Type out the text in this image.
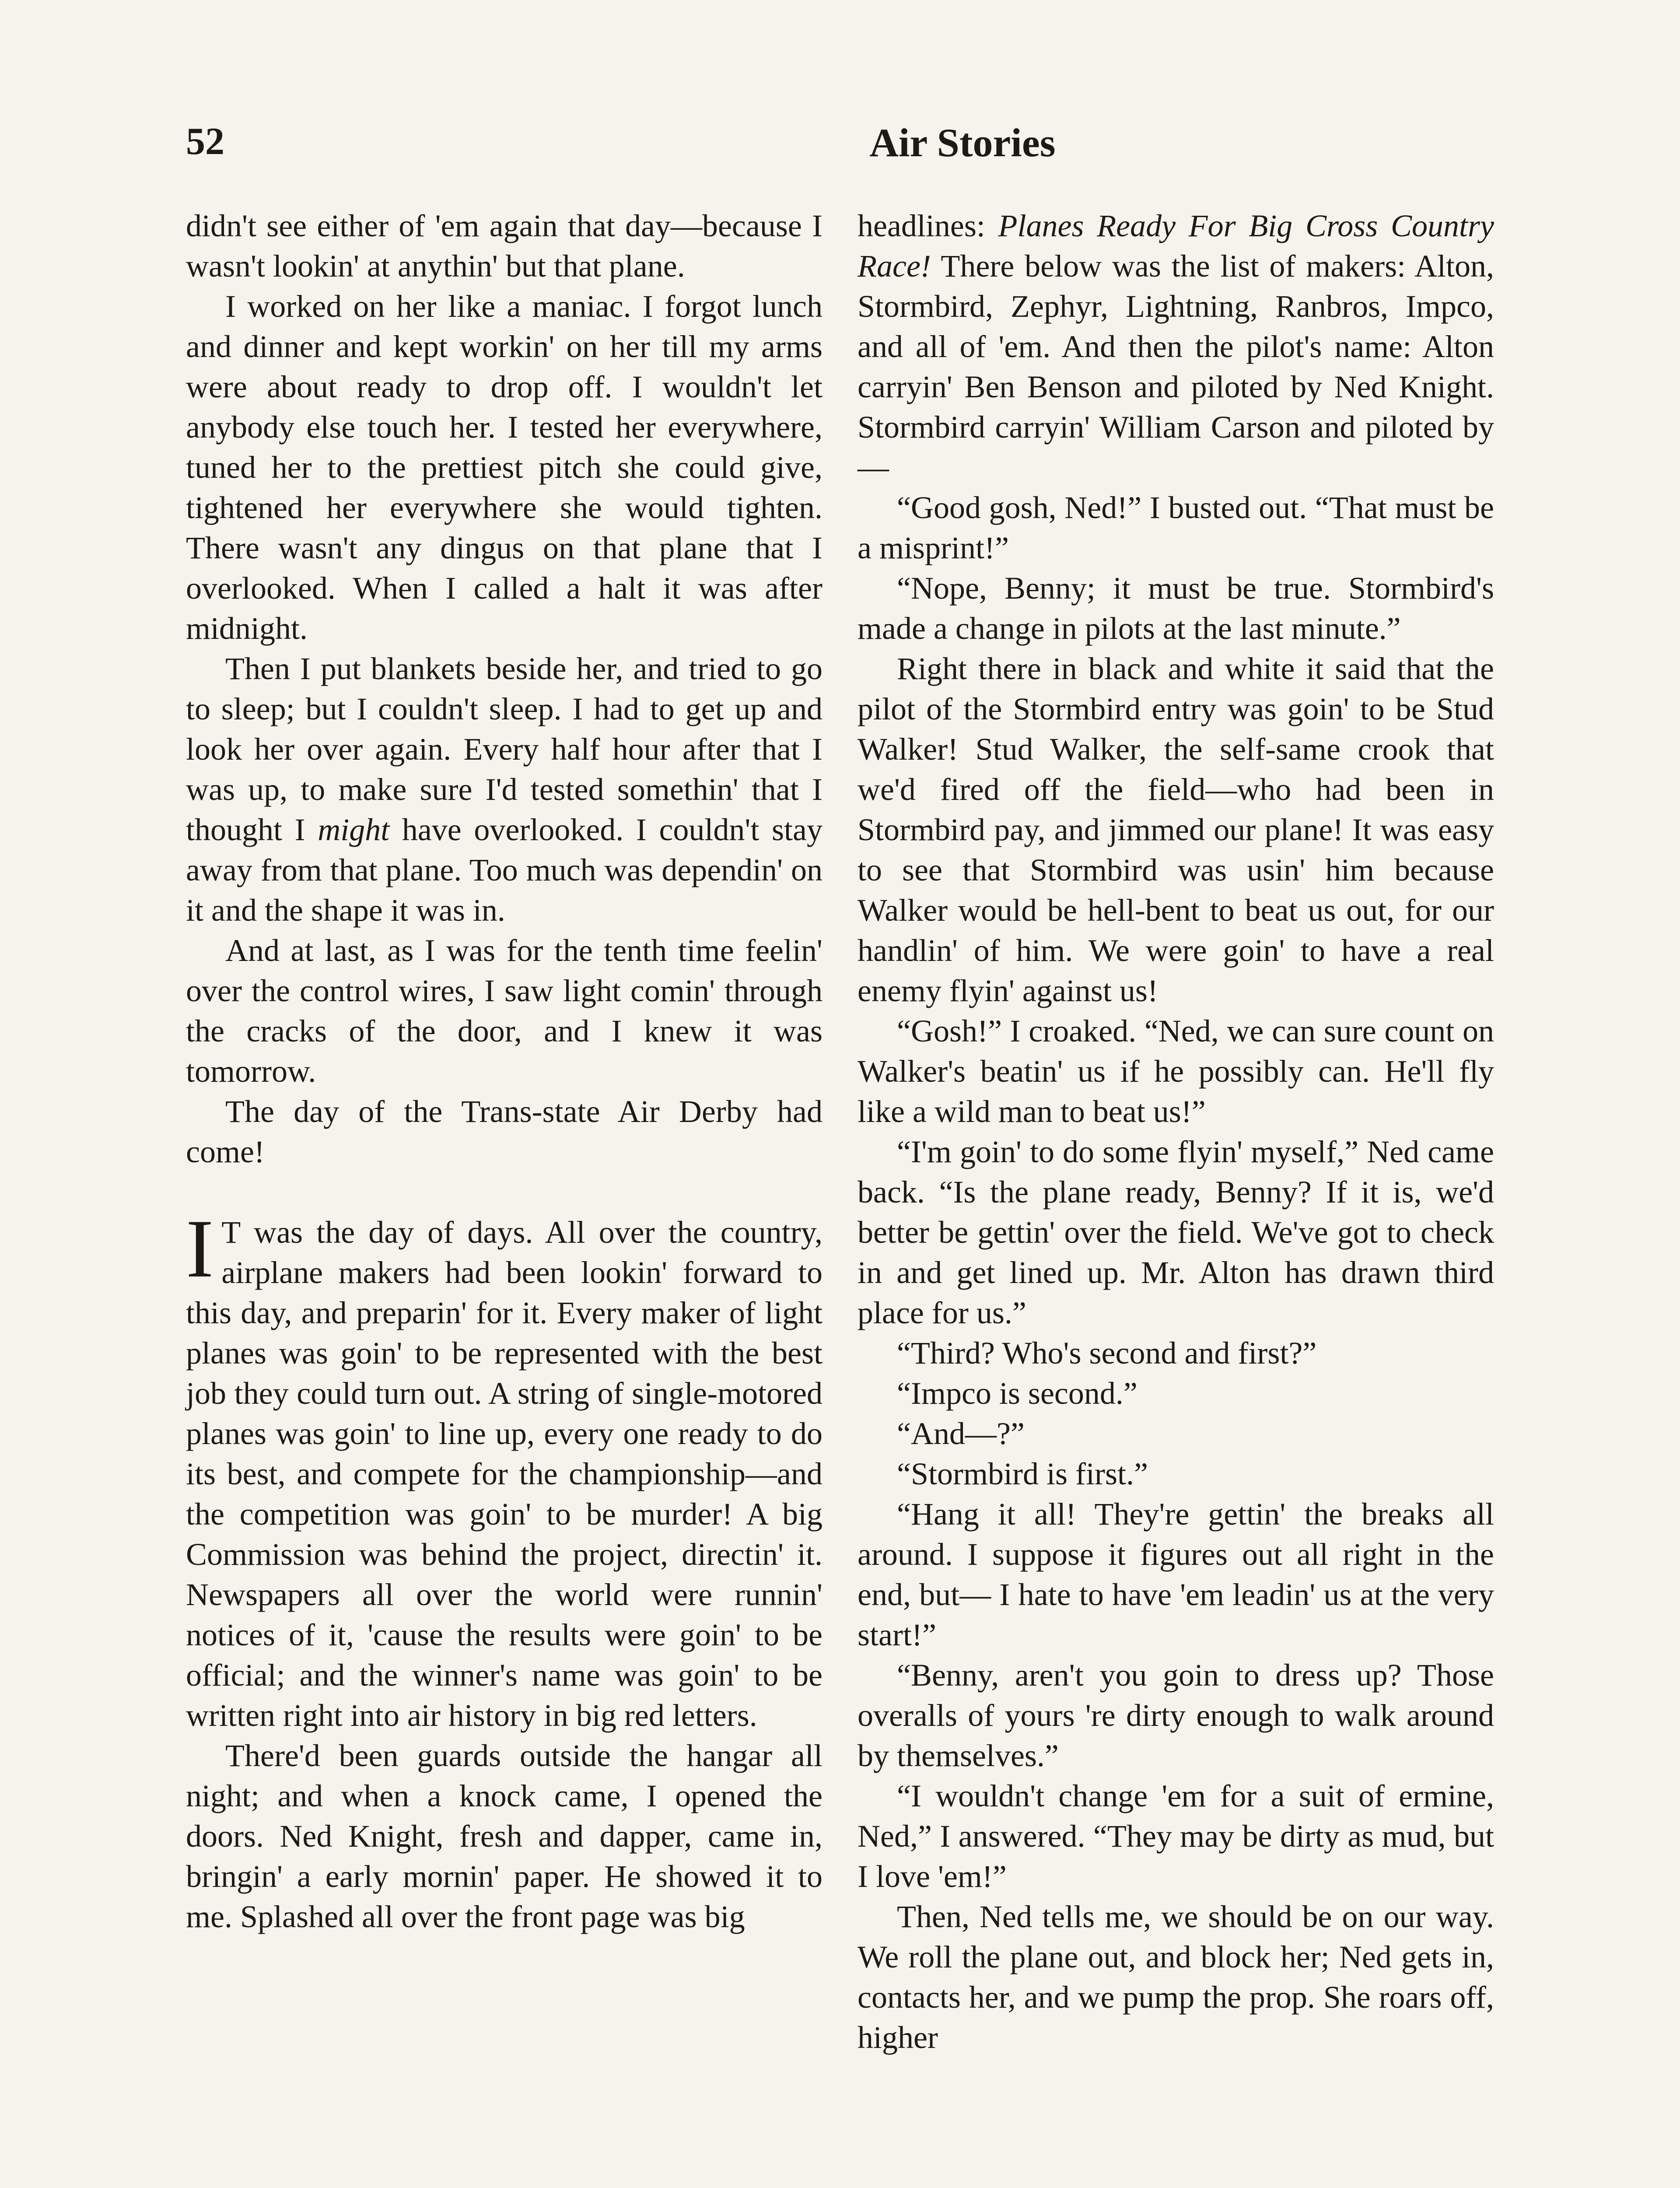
52	Air Stories

didn't see either of 'em again that day—because I wasn't lookin' at anythin' but that plane.

I worked on her like a maniac. I forgot lunch and dinner and kept workin' on her till my arms were about ready to drop off. I wouldn't let anybody else touch her. I tested her everywhere, tuned her to the prettiest pitch she could give, tightened her everywhere she would tighten. There wasn't any dingus on that plane that I overlooked. When I called a halt it was after midnight.

Then I put blankets beside her, and tried to go to sleep; but I couldn't sleep. I had to get up and look her over again. Every half hour after that I was up, to make sure I'd tested somethin' that I thought I might have overlooked. I couldn't stay away from that plane. Too much was dependin' on it and the shape it was in.

And at last, as I was for the tenth time feelin' over the control wires, I saw light comin' through the cracks of the door, and I knew it was tomorrow.

The day of the Trans-state Air Derby had come!

I T was the day of days. All over the country, airplane makers had been lookin' forward to this day, and preparin' for it. Every maker of light planes was goin' to be represented with the best job they could turn out. A string of single-motored planes was goin' to line up, every one ready to do its best, and compete for the championship—and the competition was goin' to be murder! A big Commission was behind the project, directin' it. Newspapers all over the world were runnin' notices of it, 'cause the results were goin' to be official; and the winner's name was goin' to be written right into air history in big red letters.

There'd been guards outside the hangar all night; and when a knock came, I opened the doors. Ned Knight, fresh and dapper, came in, bringin' a early mornin' paper. He showed it to me. Splashed all over the front page was big

headlines: Planes Ready For Big Cross Country Race! There below was the list of makers: Alton, Stormbird, Zephyr, Lightning, Ranbros, Impco, and all of 'em. And then the pilot's name: Alton carryin' Ben Benson and piloted by Ned Knight. Stormbird carryin' William Carson and piloted by—

“Good gosh, Ned!” I busted out. “That must be a misprint!”

“Nope, Benny; it must be true. Stormbird's made a change in pilots at the last minute.”

Right there in black and white it said that the pilot of the Stormbird entry was goin' to be Stud Walker! Stud Walker, the self-same crook that we'd fired off the field—who had been in Stormbird pay, and jimmed our plane! It was easy to see that Stormbird was usin' him because Walker would be hell-bent to beat us out, for our handlin' of him. We were goin' to have a real enemy flyin' against us!

“Gosh!” I croaked. “Ned, we can sure count on Walker's beatin' us if he possibly can. He'll fly like a wild man to beat us!”

“I'm goin' to do some flyin' myself,” Ned came back. “Is the plane ready, Benny? If it is, we'd better be gettin' over the field. We've got to check in and get lined up. Mr. Alton has drawn third place for us.”

“Third? Who's second and first?”

“Impco is second.”

“And—?”

“Stormbird is first.”

“Hang it all! They're gettin' the breaks all around. I suppose it figures out all right in the end, but— I hate to have 'em leadin' us at the very start!”

“Benny, aren't you goin to dress up? Those overalls of yours 're dirty enough to walk around by themselves.”

“I wouldn't change 'em for a suit of ermine, Ned,” I answered. “They may be dirty as mud, but I love 'em!”

Then, Ned tells me, we should be on our way. We roll the plane out, and block her; Ned gets in, contacts her, and we pump the prop. She roars off, higher
